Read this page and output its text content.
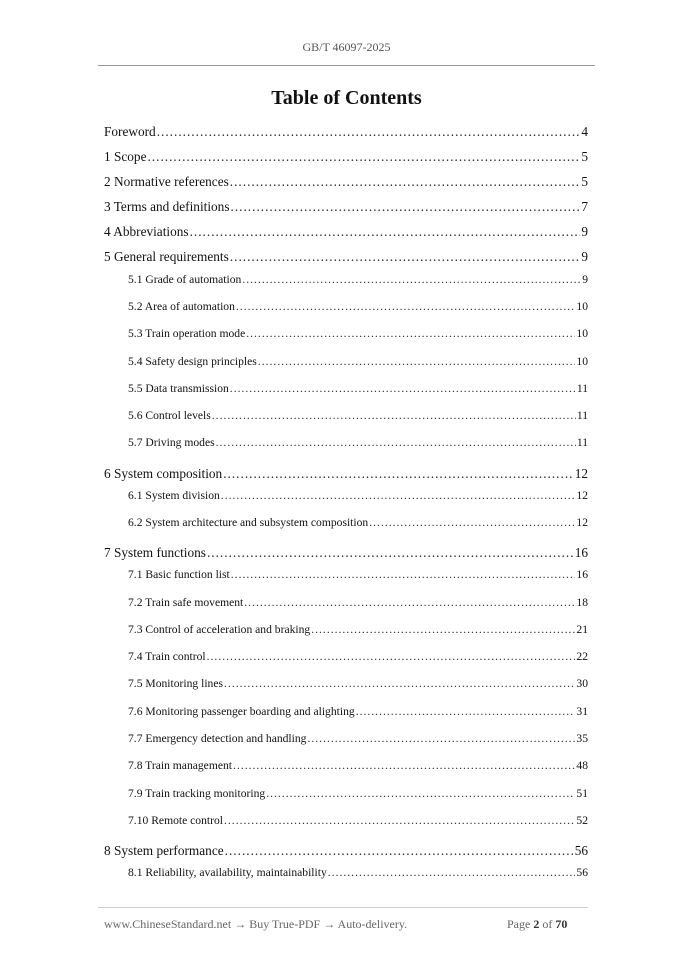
GB/T 46097-2025
Table of Contents
Foreword .....	4
1 Scope .....	5
2 Normative references .....	5
3 Terms and definitions .....	7
4 Abbreviations .....	9
5 General requirements .....	9
5.1 Grade of automation .....	9
5.2 Area of automation .....	10
5.3 Train operation mode .....	10
5.4 Safety design principles .....	10
5.5 Data transmission .....	11
5.6 Control levels .....	11
5.7 Driving modes .....	11
6 System composition .....	12
6.1 System division .....	12
6.2 System architecture and subsystem composition .....	12
7 System functions .....	16
7.1 Basic function list .....	16
7.2 Train safe movement .....	18
7.3 Control of acceleration and braking .....	21
7.4 Train control .....	22
7.5 Monitoring lines .....	30
7.6 Monitoring passenger boarding and alighting .....	31
7.7 Emergency detection and handling .....	35
7.8 Train management .....	48
7.9 Train tracking monitoring .....	51
7.10 Remote control .....	52
8 System performance .....	56
8.1 Reliability, availability, maintainability .....	56
www.ChineseStandard.net → Buy True-PDF → Auto-delivery.	Page 2 of 70
